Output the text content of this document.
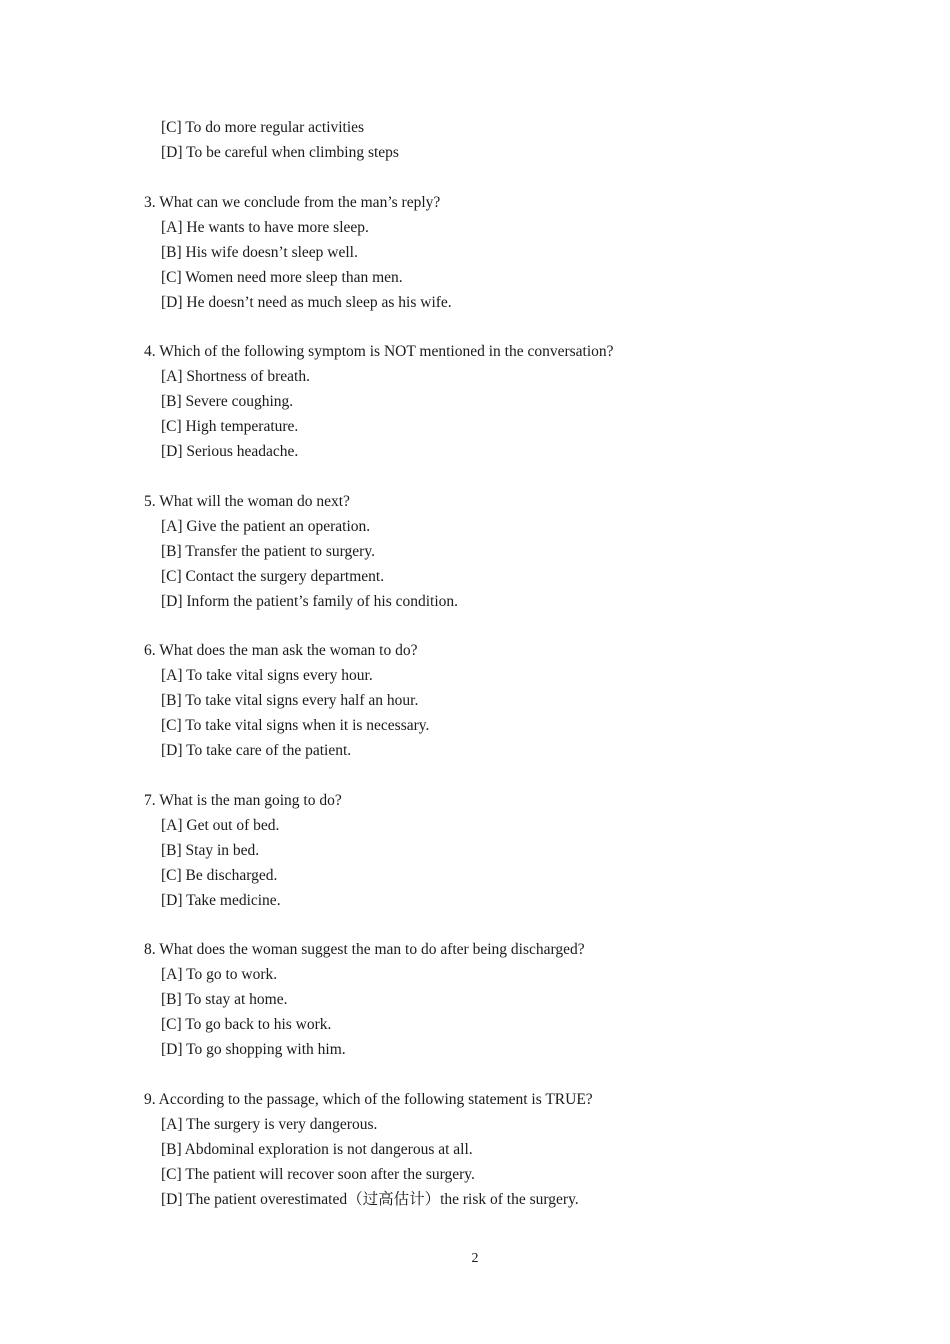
[C] To do more regular activities
[D] To be careful when climbing steps
3. What can we conclude from the man’s reply?
[A] He wants to have more sleep.
[B] His wife doesn’t sleep well.
[C] Women need more sleep than men.
[D] He doesn’t need as much sleep as his wife.
4. Which of the following symptom is NOT mentioned in the conversation?
[A] Shortness of breath.
[B] Severe coughing.
[C] High temperature.
[D] Serious headache.
5. What will the woman do next?
[A] Give the patient an operation.
[B] Transfer the patient to surgery.
[C] Contact the surgery department.
[D] Inform the patient’s family of his condition.
6. What does the man ask the woman to do?
[A] To take vital signs every hour.
[B] To take vital signs every half an hour.
[C] To take vital signs when it is necessary.
[D] To take care of the patient.
7. What is the man going to do?
[A] Get out of bed.
[B] Stay in bed.
[C] Be discharged.
[D] Take medicine.
8. What does the woman suggest the man to do after being discharged?
[A] To go to work.
[B] To stay at home.
[C] To go back to his work.
[D] To go shopping with him.
9. According to the passage, which of the following statement is TRUE?
[A] The surgery is very dangerous.
[B] Abdominal exploration is not dangerous at all.
[C] The patient will recover soon after the surgery.
[D] The patient overestimated（过高估计）the risk of the surgery.
2
